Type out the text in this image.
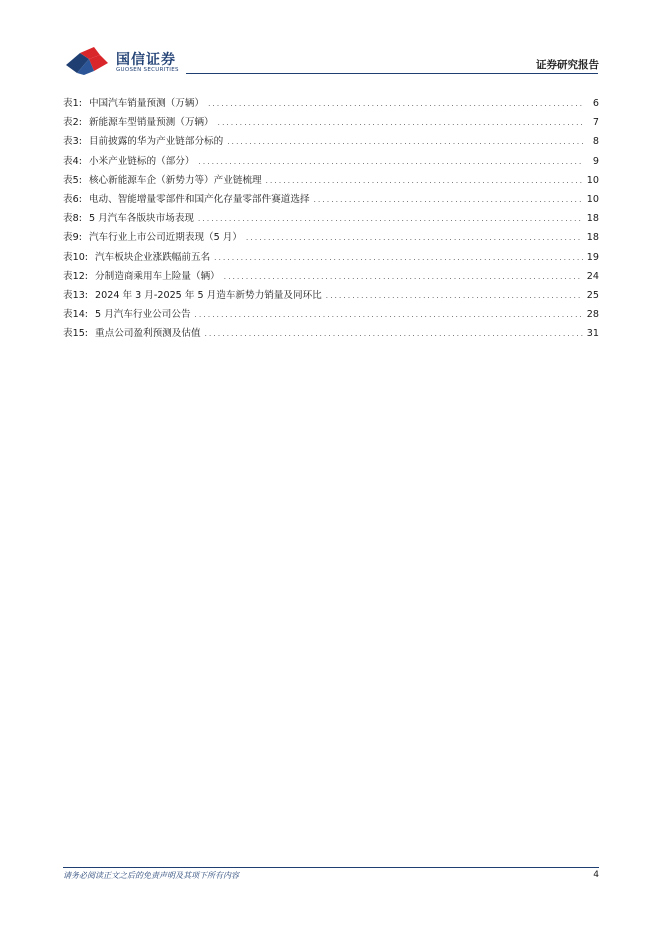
国信证券
GUOSEN SECURITIES	证券研究报告
表1: 中国汽车销量预测（万辆） .....	6
表2: 新能源车型销量预测（万辆） .....	7
表3: 目前披露的华为产业链部分标的 .....	8
表4: 小米产业链标的（部分） .....	9
表5: 核心新能源车企（新势力等）产业链梳理 .....	10
表6: 电动、智能增量零部件和国产化存量零部件赛道选择 .....	10
表8: 5 月汽车各版块市场表现 .....	18
表9: 汽车行业上市公司近期表现（5 月） .....	18
表10: 汽车板块企业涨跌幅前五名 .....	19
表12: 分制造商乘用车上险量（辆） .....	24
表13: 2024 年 3 月-2025 年 5 月造车新势力销量及同环比 .....	25
表14: 5 月汽车行业公司公告 .....	28
表15: 重点公司盈利预测及估值 .....	31
请务必阅读正文之后的免责声明及其项下所有内容	4
